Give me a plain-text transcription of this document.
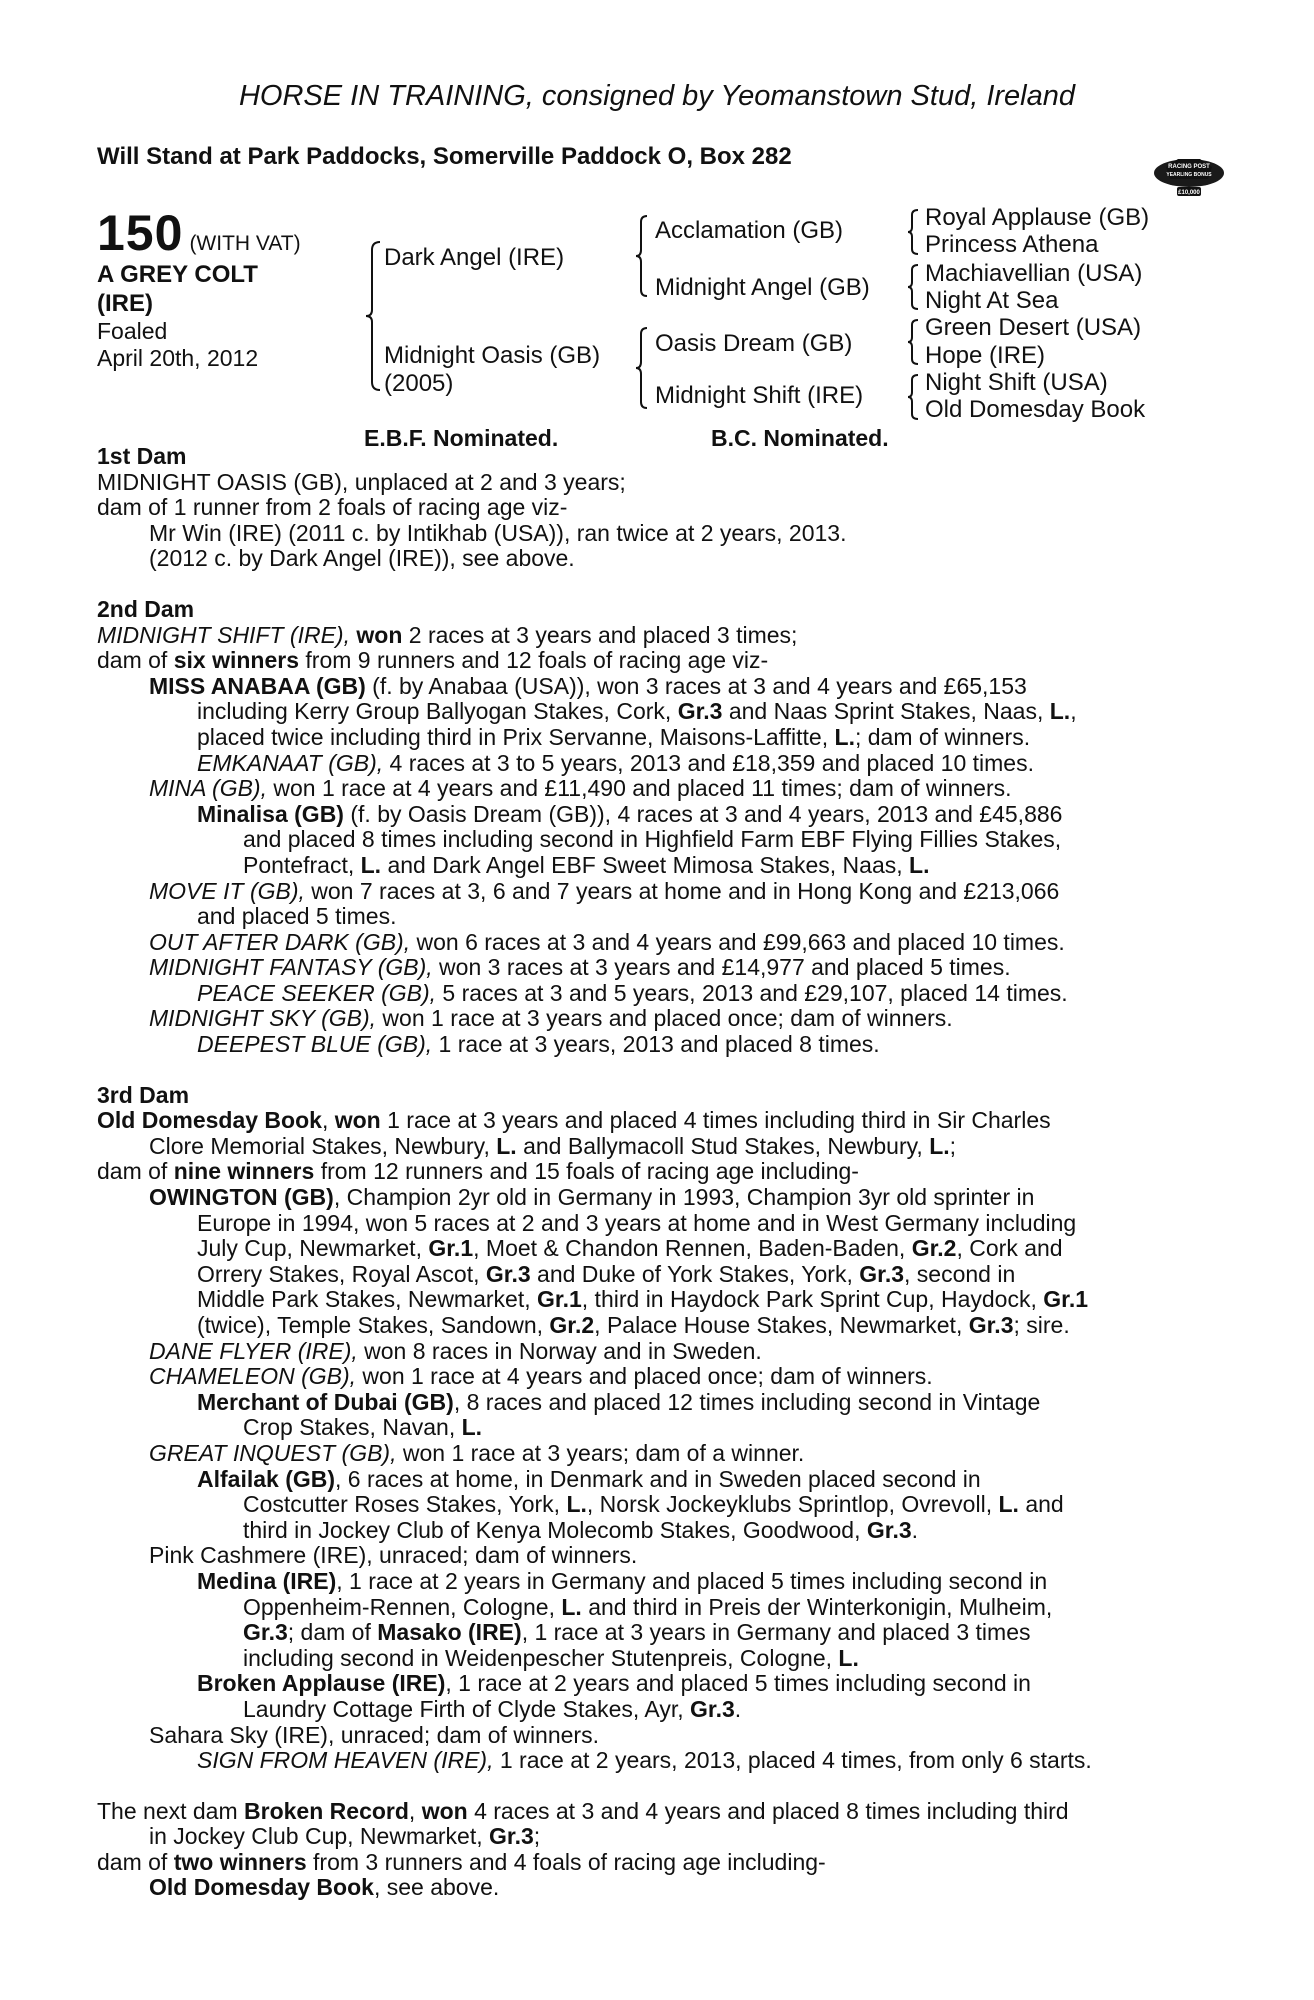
HORSE IN TRAINING, consigned by Yeomanstown Stud, Ireland
Will Stand at Park Paddocks, Somerville Paddock O, Box 282	RACING POST
YEARLING BONUS
£10,000
150 (WITH VAT)
A GREY COLT
(IRE)
Foaled
April 20th, 2012
Dark Angel (IRE)
Midnight Oasis (GB)
(2005)
Acclamation (GB)
Midnight Angel (GB)
Oasis Dream (GB)
Midnight Shift (IRE)
Royal Applause (GB)
Princess Athena
Machiavellian (USA)
Night At Sea
Green Desert (USA)
Hope (IRE)
Night Shift (USA)
Old Domesday Book
E.B.F. Nominated.	B.C. Nominated.
1st Dam
MIDNIGHT OASIS (GB), unplaced at 2 and 3 years;
dam of 1 runner from 2 foals of racing age viz-
Mr Win (IRE) (2011 c. by Intikhab (USA)), ran twice at 2 years, 2013.
(2012 c. by Dark Angel (IRE)), see above.
2nd Dam
MIDNIGHT SHIFT (IRE), won 2 races at 3 years and placed 3 times;
dam of six winners from 9 runners and 12 foals of racing age viz-
MISS ANABAA (GB) (f. by Anabaa (USA)), won 3 races at 3 and 4 years and £65,153
including Kerry Group Ballyogan Stakes, Cork, Gr.3 and Naas Sprint Stakes, Naas, L.,
placed twice including third in Prix Servanne, Maisons-Laffitte, L.; dam of winners.
EMKANAAT (GB), 4 races at 3 to 5 years, 2013 and £18,359 and placed 10 times.
MINA (GB), won 1 race at 4 years and £11,490 and placed 11 times; dam of winners.
Minalisa (GB) (f. by Oasis Dream (GB)), 4 races at 3 and 4 years, 2013 and £45,886
and placed 8 times including second in Highfield Farm EBF Flying Fillies Stakes,
Pontefract, L. and Dark Angel EBF Sweet Mimosa Stakes, Naas, L.
MOVE IT (GB), won 7 races at 3, 6 and 7 years at home and in Hong Kong and £213,066
and placed 5 times.
OUT AFTER DARK (GB), won 6 races at 3 and 4 years and £99,663 and placed 10 times.
MIDNIGHT FANTASY (GB), won 3 races at 3 years and £14,977 and placed 5 times.
PEACE SEEKER (GB), 5 races at 3 and 5 years, 2013 and £29,107, placed 14 times.
MIDNIGHT SKY (GB), won 1 race at 3 years and placed once; dam of winners.
DEEPEST BLUE (GB), 1 race at 3 years, 2013 and placed 8 times.
3rd Dam
Old Domesday Book, won 1 race at 3 years and placed 4 times including third in Sir Charles
Clore Memorial Stakes, Newbury, L. and Ballymacoll Stud Stakes, Newbury, L.;
dam of nine winners from 12 runners and 15 foals of racing age including-
OWINGTON (GB), Champion 2yr old in Germany in 1993, Champion 3yr old sprinter in
Europe in 1994, won 5 races at 2 and 3 years at home and in West Germany including
July Cup, Newmarket, Gr.1, Moet & Chandon Rennen, Baden-Baden, Gr.2, Cork and
Orrery Stakes, Royal Ascot, Gr.3 and Duke of York Stakes, York, Gr.3, second in
Middle Park Stakes, Newmarket, Gr.1, third in Haydock Park Sprint Cup, Haydock, Gr.1
(twice), Temple Stakes, Sandown, Gr.2, Palace House Stakes, Newmarket, Gr.3; sire.
DANE FLYER (IRE), won 8 races in Norway and in Sweden.
CHAMELEON (GB), won 1 race at 4 years and placed once; dam of winners.
Merchant of Dubai (GB), 8 races and placed 12 times including second in Vintage
Crop Stakes, Navan, L.
GREAT INQUEST (GB), won 1 race at 3 years; dam of a winner.
Alfailak (GB), 6 races at home, in Denmark and in Sweden placed second in
Costcutter Roses Stakes, York, L., Norsk Jockeyklubs Sprintlop, Ovrevoll, L. and
third in Jockey Club of Kenya Molecomb Stakes, Goodwood, Gr.3.
Pink Cashmere (IRE), unraced; dam of winners.
Medina (IRE), 1 race at 2 years in Germany and placed 5 times including second in
Oppenheim-Rennen, Cologne, L. and third in Preis der Winterkonigin, Mulheim,
Gr.3; dam of Masako (IRE), 1 race at 3 years in Germany and placed 3 times
including second in Weidenpescher Stutenpreis, Cologne, L.
Broken Applause (IRE), 1 race at 2 years and placed 5 times including second in
Laundry Cottage Firth of Clyde Stakes, Ayr, Gr.3.
Sahara Sky (IRE), unraced; dam of winners.
SIGN FROM HEAVEN (IRE), 1 race at 2 years, 2013, placed 4 times, from only 6 starts.
The next dam Broken Record, won 4 races at 3 and 4 years and placed 8 times including third
in Jockey Club Cup, Newmarket, Gr.3;
dam of two winners from 3 runners and 4 foals of racing age including-
Old Domesday Book, see above.
